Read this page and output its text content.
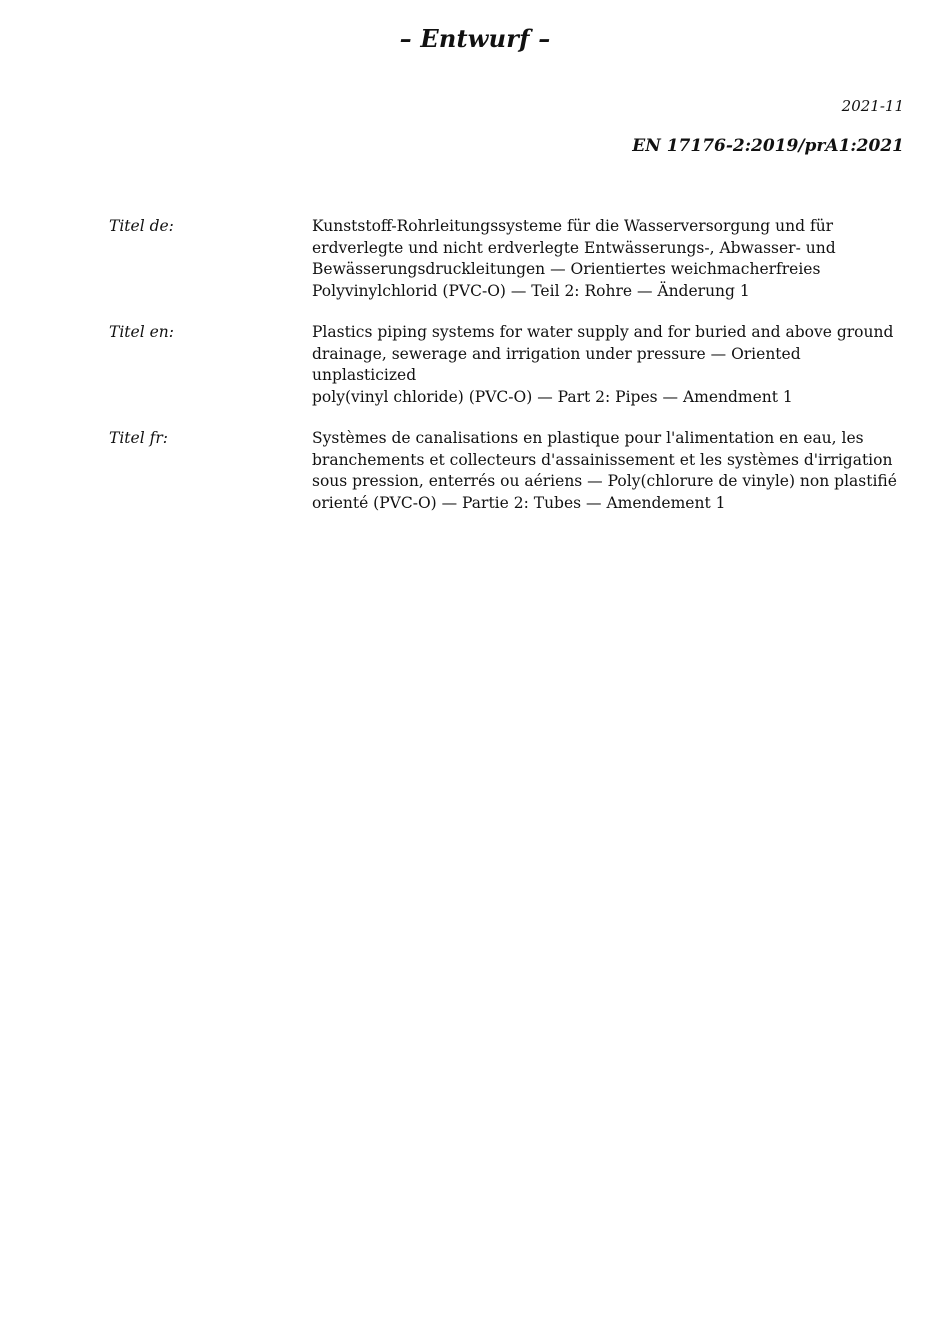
– Entwurf –
2021-11
EN 17176-2:2019/prA1:2021
Titel de:	Kunststoff-Rohrleitungssysteme für die Wasserversorgung und für
erdverlegte und nicht erdverlegte Entwässerungs-, Abwasser- und
Bewässerungsdruckleitungen — Orientiertes weichmacherfreies
Polyvinylchlorid (PVC-O) — Teil 2: Rohre — Änderung 1
Titel en:	Plastics piping systems for water supply and for buried and above ground
drainage, sewerage and irrigation under pressure — Oriented unplasticized
poly(vinyl chloride) (PVC-O) — Part 2: Pipes — Amendment 1
Titel fr:	Systèmes de canalisations en plastique pour l'alimentation en eau, les
branchements et collecteurs d'assainissement et les systèmes d'irrigation
sous pression, enterrés ou aériens — Poly(chlorure de vinyle) non plastifié
orienté (PVC-O) — Partie 2: Tubes — Amendement 1
